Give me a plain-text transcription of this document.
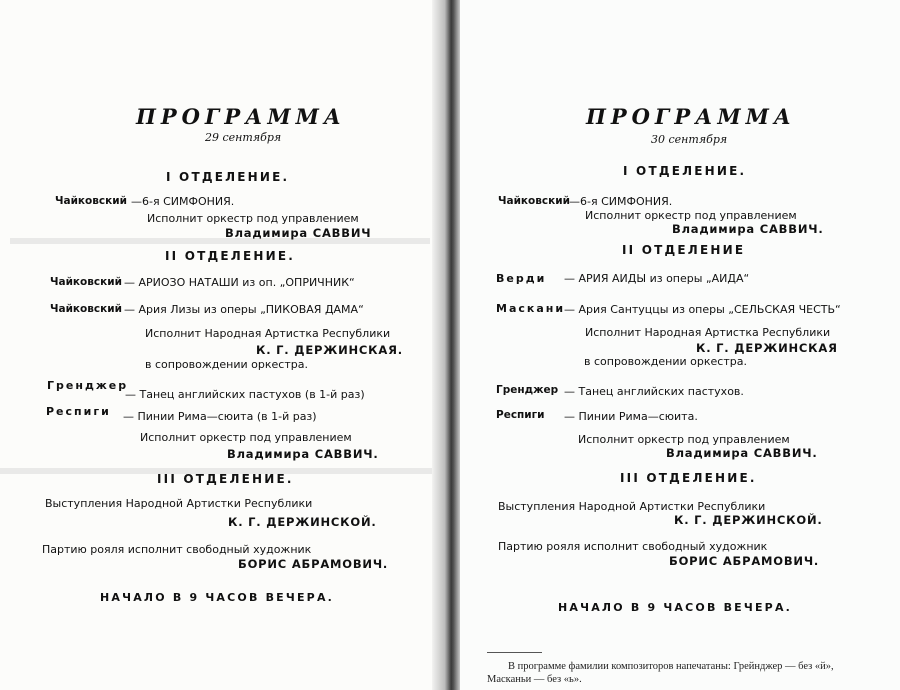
ПРОГРАММА
29 сентября
I ОТДЕЛЕНИЕ.
Чайковский —6-я СИМФОНИЯ.
Исполнит оркестр под управлением
Владимира САВВИЧ
II ОТДЕЛЕНИЕ.
Чайковский — АРИОЗО НАТАШИ из оп. „ОПРИЧНИК“
Чайковский — Ария Лизы из оперы „ПИКОВАЯ ДАМА“
Исполнит Народная Артистка Республики
К. Г. ДЕРЖИНСКАЯ.
в сопровождении оркестра.
Гренджер
— Танец английских пастухов (в 1-й раз)
Респиги — Пинии Рима—сюита (в 1-й раз)
Исполнит оркестр под управлением
Владимира САВВИЧ.
III ОТДЕЛЕНИЕ.
Выступления Народной Артистки Республики
К. Г. ДЕРЖИНСКОЙ.
Партию рояля исполнит свободный художник
БОРИС АБРАМОВИЧ.
НАЧАЛО В 9 ЧАСОВ ВЕЧЕРА.
ПРОГРАММА
30 сентября
I ОТДЕЛЕНИЕ.
Чайковский —6-я СИМФОНИЯ.
Исполнит оркестр под управлением
Владимира САВВИЧ.
II ОТДЕЛЕНИЕ
Верди — АРИЯ АИДЫ из оперы „АИДА“
Маскани
— Ария Сантуццы из оперы „СЕЛЬСКАЯ ЧЕСТЬ“
Исполнит Народная Артистка Республики
К. Г. ДЕРЖИНСКАЯ
в сопровождении оркестра.
Гренджер — Танец английских пастухов.
Респиги — Пинии Рима—сюита.
Исполнит оркестр под управлением
Владимира САВВИЧ.
III ОТДЕЛЕНИЕ.
Выступления Народной Артистки Республики
К. Г. ДЕРЖИНСКОЙ.
Партию рояля исполнит свободный художник
БОРИС АБРАМОВИЧ.
НАЧАЛО В 9 ЧАСОВ ВЕЧЕРА.
В программе фамилии композиторов напечатаны: Грейнджер — без «й»,
Масканьи — без «ь».
